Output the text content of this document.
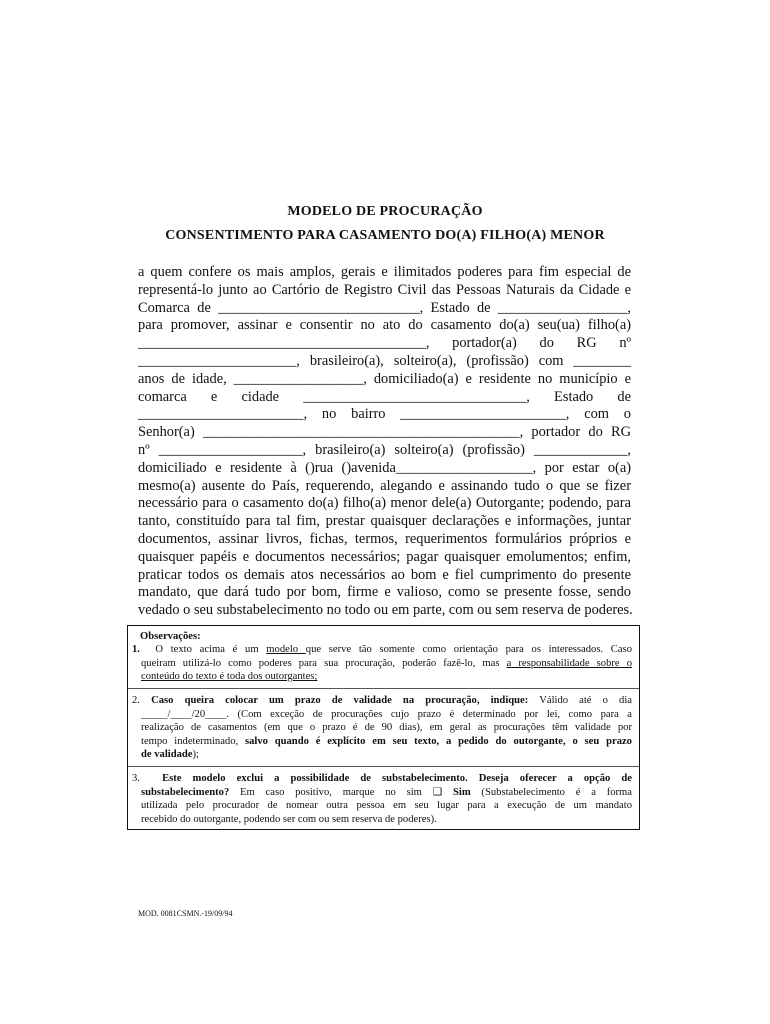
MODELO DE PROCURAÇÃO
CONSENTIMENTO PARA CASAMENTO DO(A) FILHO(A) MENOR
a quem confere os mais amplos, gerais e ilimitados poderes para fim especial de
representá-lo junto ao Cartório de Registro Civil das Pessoas Naturais da Cidade e
Comarca de ____________________________, Estado de __________________,
para promover, assinar e consentir no ato do casamento do(a) seu(ua) filho(a)
________________________________________, portador(a) do RG nº
______________________, brasileiro(a), solteiro(a), (profissão) com ________
anos de idade, __________________, domiciliado(a) e residente no município e
comarca e cidade _______________________________, Estado de
_______________________, no bairro _______________________, com o
Senhor(a) ____________________________________________, portador do RG
nº ____________________, brasileiro(a) solteiro(a) (profissão) _____________,
domiciliado e residente à ()rua ()avenida___________________, por estar o(a)
mesmo(a) ausente do País, requerendo, alegando e assinando tudo o que se fizer
necessário para o casamento do(a) filho(a) menor dele(a) Outorgante; podendo, para
tanto, constituído para tal fim, prestar quaisquer declarações e informações, juntar
documentos, assinar livros, fichas, termos, requerimentos formulários próprios e
quaisquer papéis e documentos necessários; pagar quaisquer emolumentos; enfim,
praticar todos os demais atos necessários ao bom e fiel cumprimento do presente
mandato, que dará tudo por bom, firme e valioso, como se presente fosse, sendo
vedado o seu substabelecimento no todo ou em parte, com ou sem reserva de poderes.
Observações:
1. O texto acima é um modelo que serve tão somente como orientação para os interessados. Caso
queiram utilizá-lo como poderes para sua procuração, poderão fazê-lo, mas a responsabilidade sobre o
conteúdo do texto é toda dos outorgantes;
2. Caso queira colocar um prazo de validade na procuração, indique: Válido até o dia
_____/____/20____. (Com exceção de procurações cujo prazo é determinado por lei, como para a
realização de casamentos (em que o prazo é de 90 dias), em geral as procurações têm validade por
tempo indeterminado, salvo quando é explícito em seu texto, a pedido do outorgante, o seu prazo
de validade);
3. Este modelo exclui a possibilidade de substabelecimento. Deseja oferecer a opção de
substabelecimento? Em caso positivo, marque no sim ❑ Sim (Substabelecimento é a forma
utilizada pelo procurador de nomear outra pessoa em seu lugar para a execução de um mandato
recebido do outorgante, podendo ser com ou sem reserva de poderes).
MOD. 0081CSMN.-19/09/94
